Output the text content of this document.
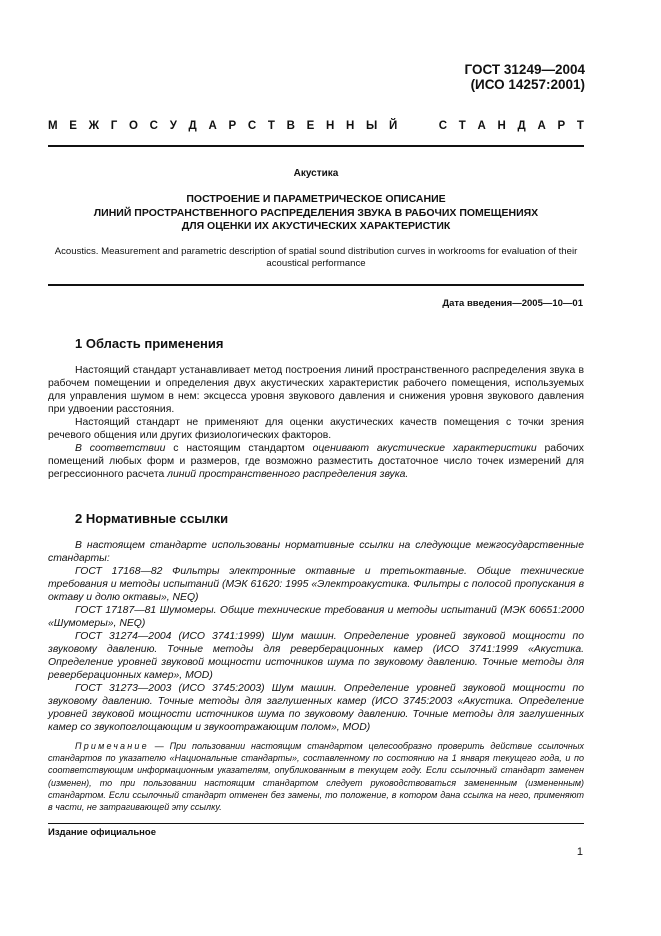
ГОСТ 31249—2004
(ИСО 14257:2001)
М Е Ж Г О С У Д А Р С Т В Е Н Н Ы Й

	С Т А Н Д А Р Т
Акустика
ПОСТРОЕНИЕ И ПАРАМЕТРИЧЕСКОЕ ОПИСАНИЕ
ЛИНИЙ ПРОСТРАНСТВЕННОГО РАСПРЕДЕЛЕНИЯ ЗВУКА В РАБОЧИХ ПОМЕЩЕНИЯХ
ДЛЯ ОЦЕНКИ ИХ АКУСТИЧЕСКИХ ХАРАКТЕРИСТИК
Acoustics. Measurement and parametric description of spatial sound distribution curves in workrooms for evaluation of their acoustical performance
Дата введения—2005—10—01
1 Область применения

Настоящий стандарт устанавливает метод построения линий пространственного распределения звука в рабочем помещении и определения двух акустических характеристик рабочего помещения, используемых для управления шумом в нем: эксцесса уровня звукового давления и снижения уровня звукового давления при удвоении расстояния.

Настоящий стандарт не применяют для оценки акустических качеств помещения с точки зрения речевого общения или других физиологических факторов.

В соответствии с настоящим стандартом оценивают акустические характеристики рабочих помещений любых форм и размеров, где возможно разместить достаточное число точек измерений для регрессионного расчета линий пространственного распределения звука.

2 Нормативные ссылки

В настоящем стандарте использованы нормативные ссылки на следующие межгосударственные стандарты:

ГОСТ 17168—82 Фильтры электронные октавные и третьоктавные. Общие технические требования и методы испытаний (МЭК 61620: 1995 «Электроакустика. Фильтры с полосой пропускания в октаву и долю октавы», NEQ)

ГОСТ 17187—81 Шумомеры. Общие технические требования и методы испытаний (МЭК 60651:2000 «Шумомеры», NEQ)

ГОСТ 31274—2004 (ИСО 3741:1999) Шум машин. Определение уровней звуковой мощности по звуковому давлению. Точные методы для реверберационных камер (ИСО 3741:1999 «Акустика. Определение уровней звуковой мощности источников шума по звуковому давлению. Точные методы для реверберационных камер», MOD)

ГОСТ 31273—2003 (ИСО 3745:2003) Шум машин. Определение уровней звуковой мощности по звуковому давлению. Точные методы для заглушенных камер (ИСО 3745:2003 «Акустика. Определение уровней звуковой мощности источников шума по звуковому давлению. Точные методы для заглушенных камер со звукопоглощающим и звукоотражающим полом», MOD)

Примечание — При пользовании настоящим стандартом целесообразно проверить действие ссылочных стандартов по указателю «Национальные стандарты», составленному по состоянию на 1 января текущего года, и по соответствующим информационным указателям, опубликованным в текущем году. Если ссылочный стандарт заменен (изменен), то при пользовании настоящим стандартом следует руководствоваться замененным (измененным) стандартом. Если ссылочный стандарт отменен без замены, то положение, в котором дана ссылка на него, применяют в части, не затрагивающей эту ссылку.

Издание официальное
1
